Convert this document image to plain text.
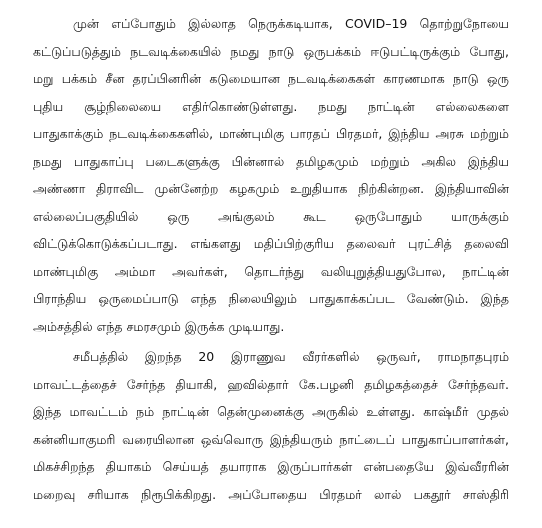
முன் எப்போதும் இல்லாத நெருக்கடியாக, COVID–19 தொற்றுநோயை
கட்டுப்படுத்தும் நடவடிக்கையில் நமது நாடு ஒருபக்கம் ஈடுபட்டிருக்கும் போது,
மறு பக்கம் சீன தரப்பினரின் கடுமையான நடவடிக்கைகள் காரணமாக நாடு ஒரு
புதிய சூழ்நிலையை எதிர்கொண்டுள்ளது. நமது நாட்டின் எல்லைகளை
பாதுகாக்கும் நடவடிக்கைகளில், மாண்புமிகு பாரதப் பிரதமர், இந்திய அரசு மற்றும்
நமது பாதுகாப்பு படைகளுக்கு பின்னால் தமிழகமும் மற்றும் அகில இந்திய
அண்ணா திராவிட முன்னேற்ற கழகமும் உறுதியாக நிற்கின்றன. இந்தியாவின்
எல்லைப்பகுதியில் ஒரு அங்குலம் கூட ஒருபோதும் யாருக்கும்
விட்டுக்கொடுக்கப்படாது. எங்களது மதிப்பிற்குரிய தலைவர் புரட்சித் தலைவி
மாண்புமிகு அம்மா அவர்கள், தொடர்ந்து வலியுறுத்தியதுபோல, நாட்டின்
பிராந்திய ஒருமைப்பாடு எந்த நிலையிலும் பாதுகாக்கப்பட வேண்டும். இந்த
அம்சத்தில் எந்த சமரசமும் இருக்க முடியாது.
சமீபத்தில் இறந்த 20 இராணுவ வீரர்களில் ஒருவர், ராமநாதபுரம்
மாவட்டத்தைச் சேர்ந்த தியாகி, ஹவில்தார் கே.பழனி தமிழகத்தைச் சேர்ந்தவர்.
இந்த மாவட்டம் நம் நாட்டின் தென்முனைக்கு அருகில் உள்ளது. காஷ்மீர் முதல்
கன்னியாகுமரி வரையிலான ஒவ்வொரு இந்தியரும் நாட்டைப் பாதுகாப்பாளர்கள்,
மிகச்சிறந்த தியாகம் செய்யத் தயாராக இருப்பார்கள் என்பதையே இவ்வீரரின்
மறைவு சரியாக நிரூபிக்கிறது. அப்போதைய பிரதமர் லால் பகதூர் சாஸ்திரி
